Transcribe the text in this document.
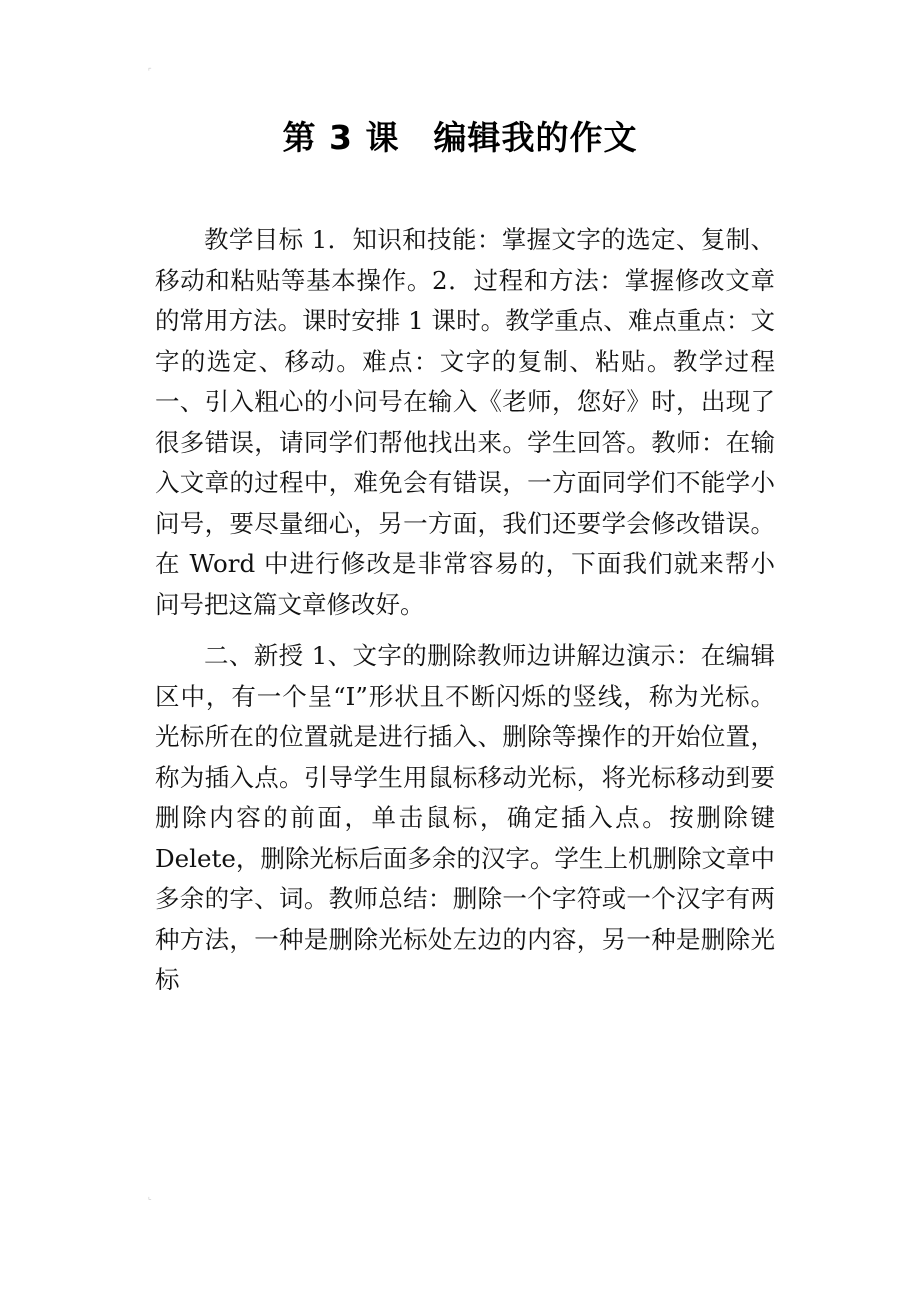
⌜
第 3 课　编辑我的作文

教学目标 1．知识和技能：掌握文字的选定、复制、移动和粘贴等基本操作。2．过程和方法：掌握修改文章的常用方法。课时安排 1 课时。教学重点、难点重点：文字的选定、移动。难点：文字的复制、粘贴。教学过程一、引入粗心的小问号在输入《老师，您好》时，出现了很多错误，请同学们帮他找出来。学生回答。教师：在输入文章的过程中，难免会有错误，一方面同学们不能学小问号，要尽量细心，另一方面，我们还要学会修改错误。在 Word 中进行修改是非常容易的，下面我们就来帮小问号把这篇文章修改好。

二、新授 1、文字的删除教师边讲解边演示：在编辑区中，有一个呈“I”形状且不断闪烁的竖线，称为光标。光标所在的位置就是进行插入、删除等操作的开始位置，称为插入点。引导学生用鼠标移动光标，将光标移动到要删除内容的前面，单击鼠标，确定插入点。按删除键 Delete，删除光标后面多余的汉字。学生上机删除文章中多余的字、词。教师总结：删除一个字符或一个汉字有两种方法，一种是删除光标处左边的内容，另一种是删除光标

⌞
